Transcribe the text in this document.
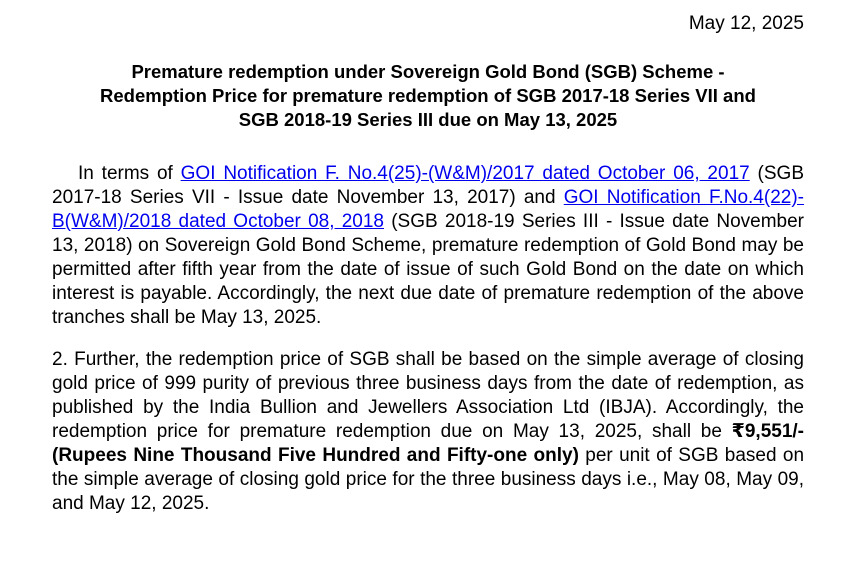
May 12, 2025
Premature redemption under Sovereign Gold Bond (SGB) Scheme -
Redemption Price for premature redemption of SGB 2017-18 Series VII and
SGB 2018-19 Series III due on May 13, 2025
In terms of GOI Notification F. No.4(25)-(W&M)/2017 dated October 06, 2017 (SGB 2017-18 Series VII - Issue date November 13, 2017) and GOI Notification F.No.4(22)-B(W&M)/2018 dated October 08, 2018 (SGB 2018-19 Series III - Issue date November 13, 2018) on Sovereign Gold Bond Scheme, premature redemption of Gold Bond may be permitted after fifth year from the date of issue of such Gold Bond on the date on which interest is payable. Accordingly, the next due date of premature redemption of the above tranches shall be May 13, 2025.
2. Further, the redemption price of SGB shall be based on the simple average of closing gold price of 999 purity of previous three business days from the date of redemption, as published by the India Bullion and Jewellers Association Ltd (IBJA). Accordingly, the redemption price for premature redemption due on May 13, 2025, shall be ₹9,551/- (Rupees Nine Thousand Five Hundred and Fifty-one only) per unit of SGB based on the simple average of closing gold price for the three business days i.e., May 08, May 09, and May 12, 2025.
